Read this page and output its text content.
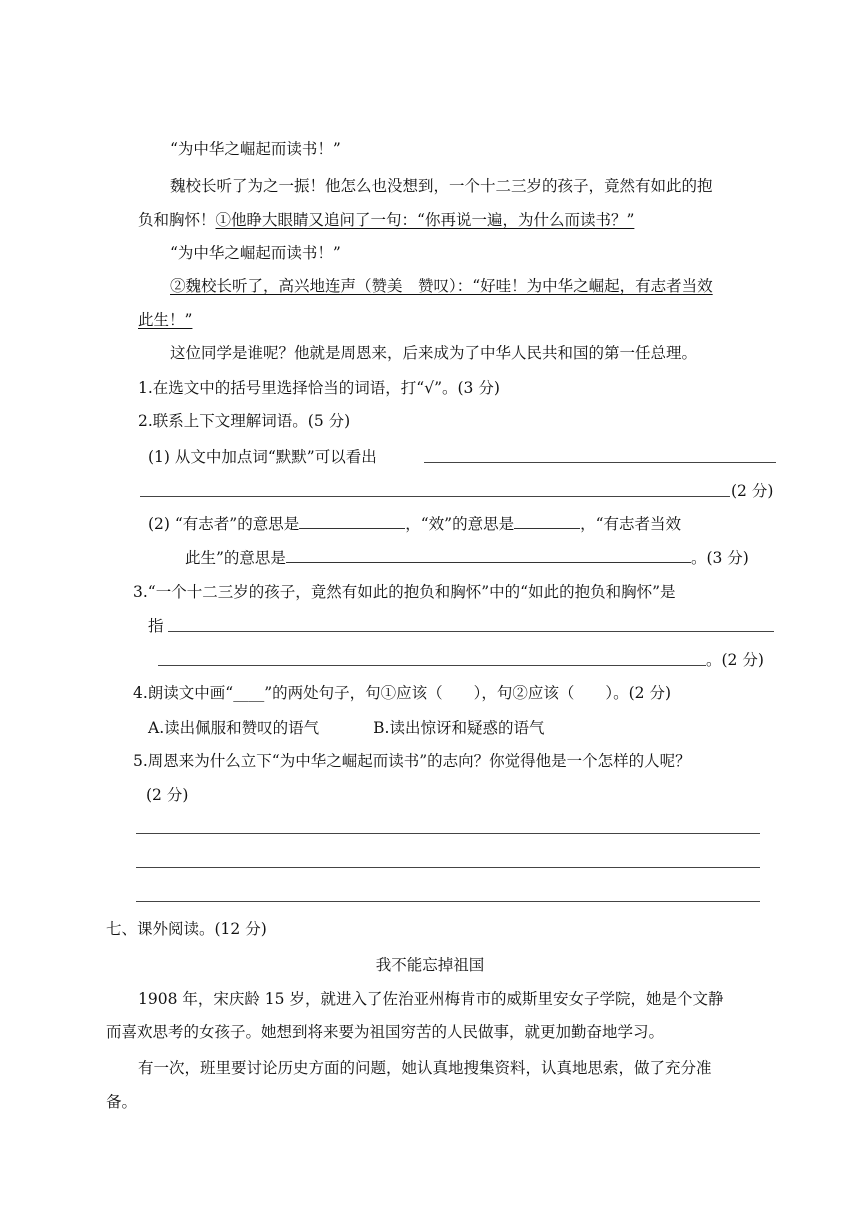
“为中华之崛起而读书！”
魏校长听了为之一振！他怎么也没想到，一个十二三岁的孩子，竟然有如此的抱
负和胸怀！①他睁大眼睛又追问了一句：“你再说一遍，为什么而读书？”
“为中华之崛起而读书！”
②魏校长听了，高兴地连声（赞美　赞叹）：“好哇！为中华之崛起，有志者当效
此生！”
这位同学是谁呢？他就是周恩来，后来成为了中华人民共和国的第一任总理。
1.在选文中的括号里选择恰当的词语，打“√”。(3 分)
2.联系上下文理解词语。(5 分)
(1) 从文中加点词“默默”可以看出
(2 分)
(2) “有志者”的意思是	，“效”的意思是	，“有志者当效
此生”的意思是	。(3 分)
3.“一个十二三岁的孩子，竟然有如此的抱负和胸怀”中的“如此的抱负和胸怀”是
指
。(2 分)
4.朗读文中画“____”的两处句子，句①应该（　　），句②应该（　　）。(2 分)
A.读出佩服和赞叹的语气	B.读出惊讶和疑惑的语气
5.周恩来为什么立下“为中华之崛起而读书”的志向？你觉得他是一个怎样的人呢？
(2 分)
七、课外阅读。(12 分)
我不能忘掉祖国
1908 年，宋庆龄 15 岁，就进入了佐治亚州梅肯市的威斯里安女子学院，她是个文静
而喜欢思考的女孩子。她想到将来要为祖国穷苦的人民做事，就更加勤奋地学习。
有一次，班里要讨论历史方面的问题，她认真地搜集资料，认真地思索，做了充分准
备。
